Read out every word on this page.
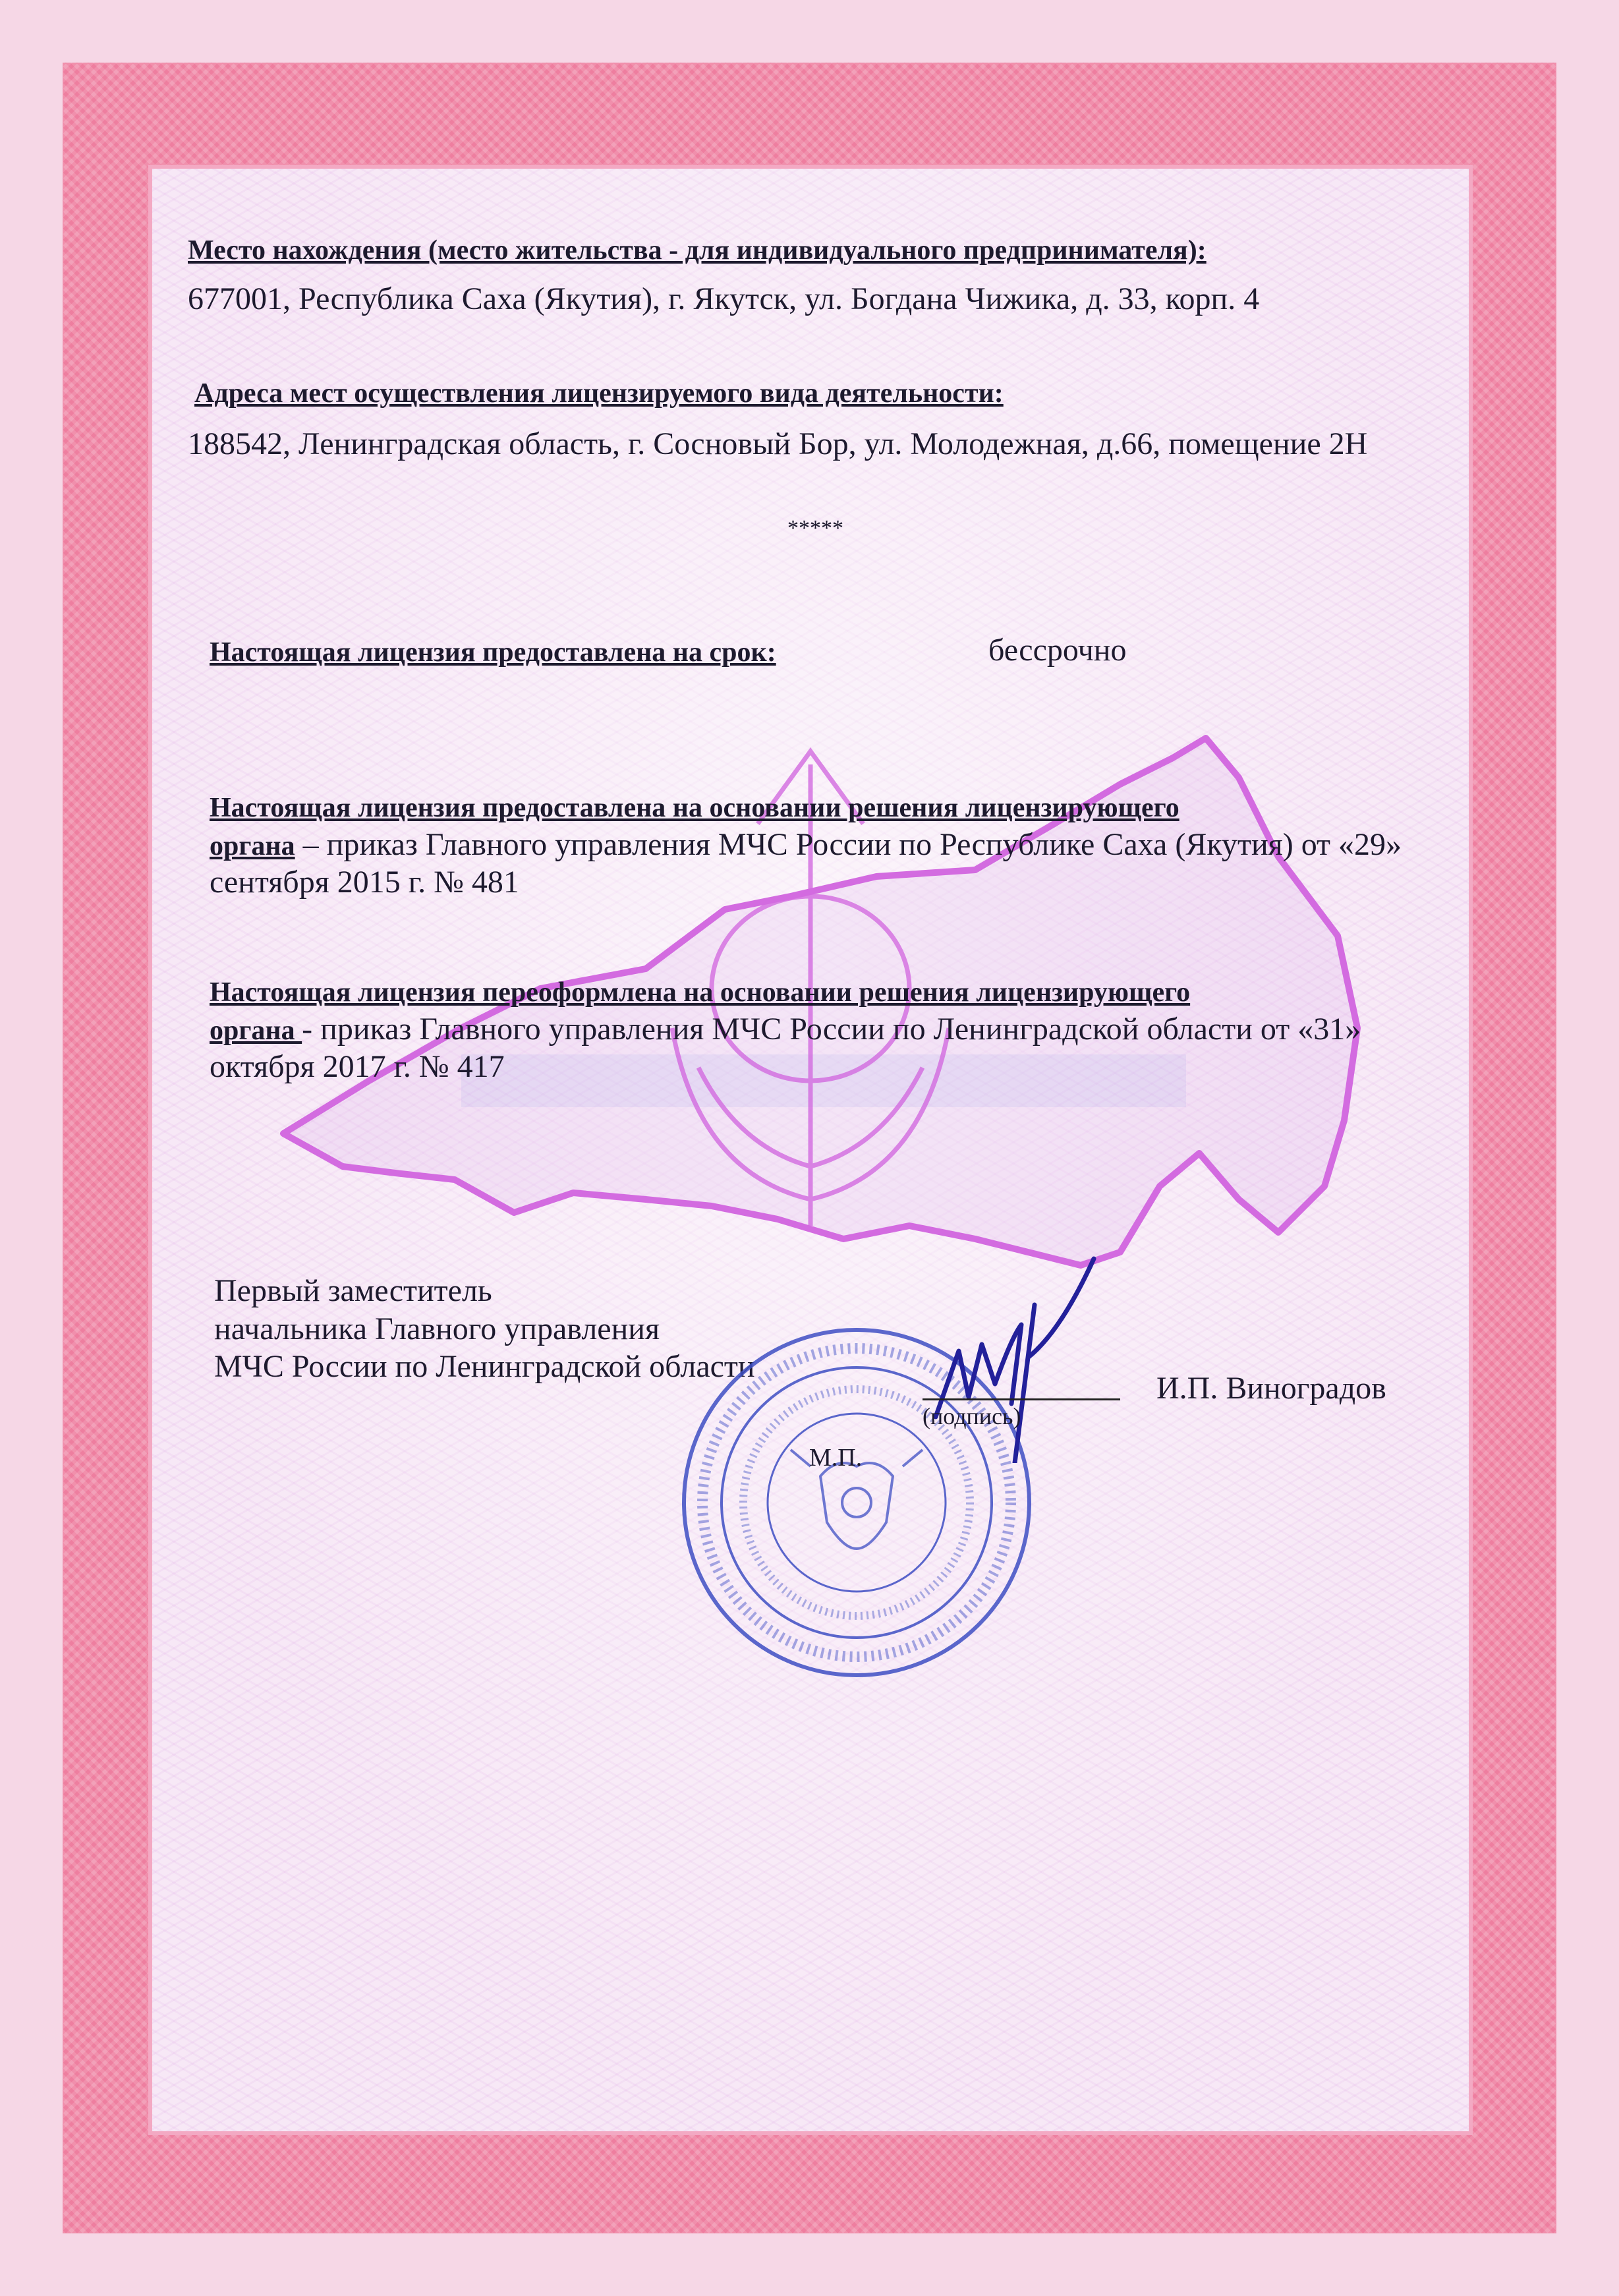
Место нахождения (место жительства - для индивидуального предпринимателя):
677001, Республика Саха (Якутия), г. Якутск, ул. Богдана Чижика, д. 33, корп. 4
Адреса мест осуществления лицензируемого вида деятельности:
188542, Ленинградская область, г. Сосновый Бор, ул. Молодежная, д.66, помещение 2Н
*****
Настоящая лицензия предоставлена на срок:	бессрочно
Настоящая лицензия предоставлена на основании решения лицензирующего
органа – приказ Главного управления МЧС России по Республике Саха (Якутия) от «29» сентября 2015 г. № 481
Настоящая лицензия переоформлена на основании решения лицензирующего
органа - приказ Главного управления МЧС России по Ленинградской области от «31» октября 2017 г. № 417
Первый заместитель
начальника Главного управления
МЧС России по Ленинградской области
(подпись)
М.П.
И.П. Виноградов
